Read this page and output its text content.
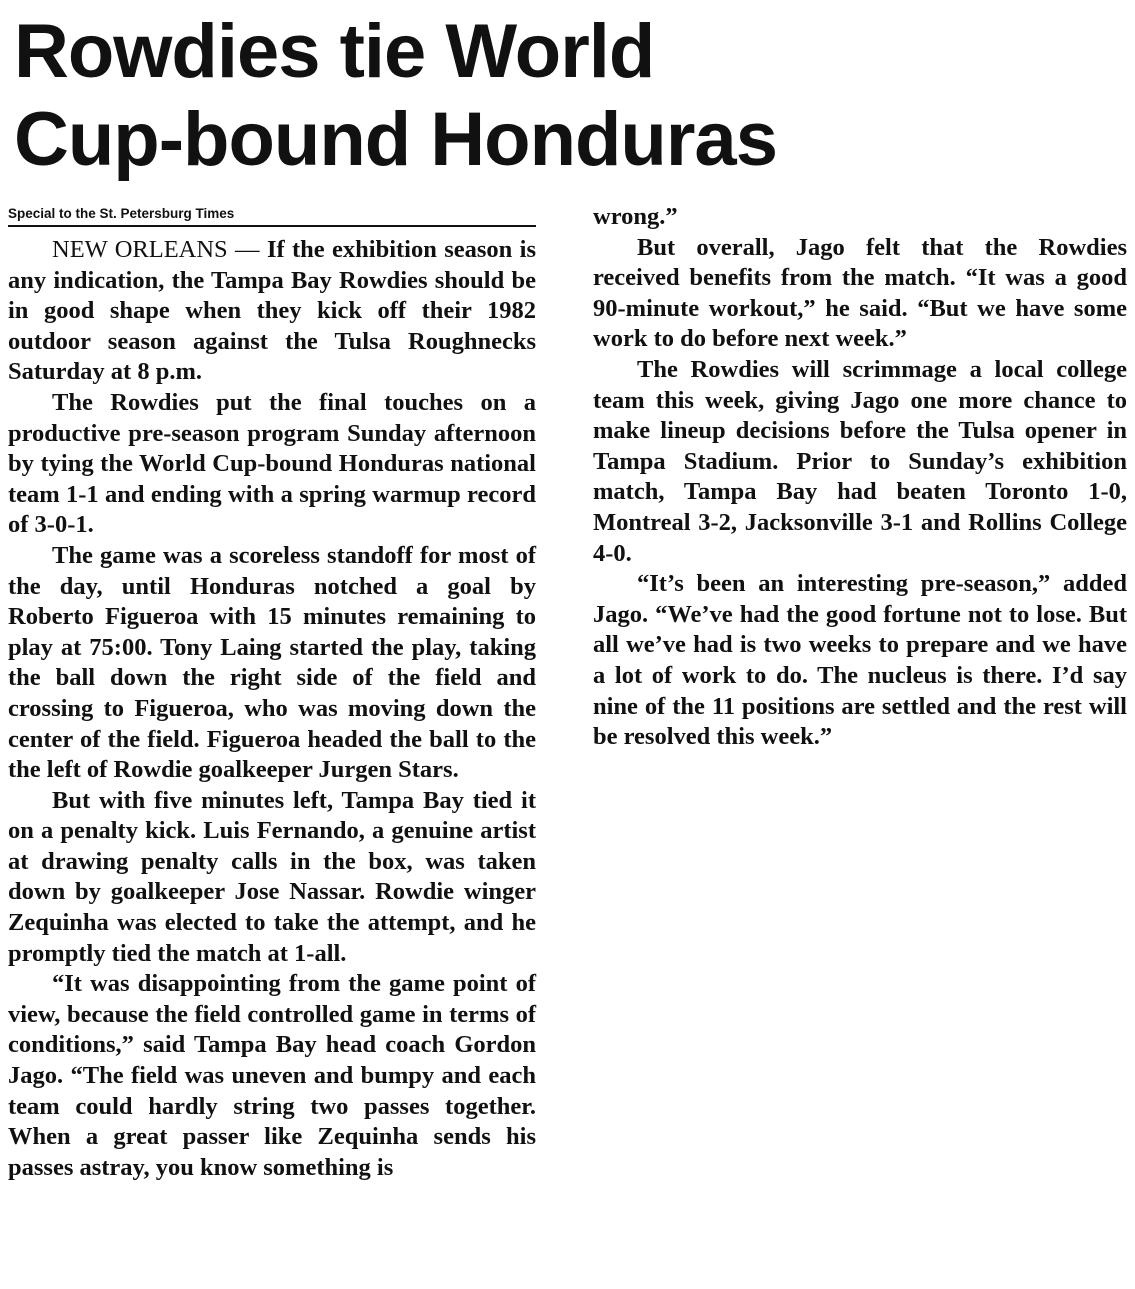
Rowdies tie World
Cup-bound Honduras
Special to the St. Petersburg Times

NEW ORLEANS — If the exhibition season is any indication, the Tampa Bay Rowdies should be in good shape when they kick off their 1982 outdoor season against the Tulsa Roughnecks Saturday at 8 p.m.

The Rowdies put the final touches on a productive pre-season program Sunday afternoon by tying the World Cup-bound Honduras national team 1-1 and ending with a spring warmup record of 3-0-1.

The game was a scoreless standoff for most of the day, until Honduras notched a goal by Roberto Figueroa with 15 minutes remaining to play at 75:00. Tony Laing started the play, taking the ball down the right side of the field and crossing to Figueroa, who was moving down the center of the field. Figueroa headed the ball to the the left of Rowdie goalkeeper Jurgen Stars.

But with five minutes left, Tampa Bay tied it on a penalty kick. Luis Fernando, a genuine artist at drawing penalty calls in the box, was taken down by goalkeeper Jose Nassar. Rowdie winger Zequinha was elected to take the attempt, and he promptly tied the match at 1-all.

“It was disappointing from the game point of view, because the field controlled game in terms of conditions,” said Tampa Bay head coach Gordon Jago. “The field was uneven and bumpy and each team could hardly string two passes together. When a great passer like Zequinha sends his passes astray, you know something is

wrong.”

But overall, Jago felt that the Rowdies received benefits from the match. “It was a good 90-minute workout,” he said. “But we have some work to do before next week.”

The Rowdies will scrimmage a local college team this week, giving Jago one more chance to make lineup decisions before the Tulsa opener in Tampa Stadium. Prior to Sunday’s exhibition match, Tampa Bay had beaten Toronto 1-0, Montreal 3-2, Jacksonville 3-1 and Rollins College 4-0.

“It’s been an interesting pre-season,” added Jago. “We’ve had the good fortune not to lose. But all we’ve had is two weeks to prepare and we have a lot of work to do. The nucleus is there. I’d say nine of the 11 positions are settled and the rest will be resolved this week.”
